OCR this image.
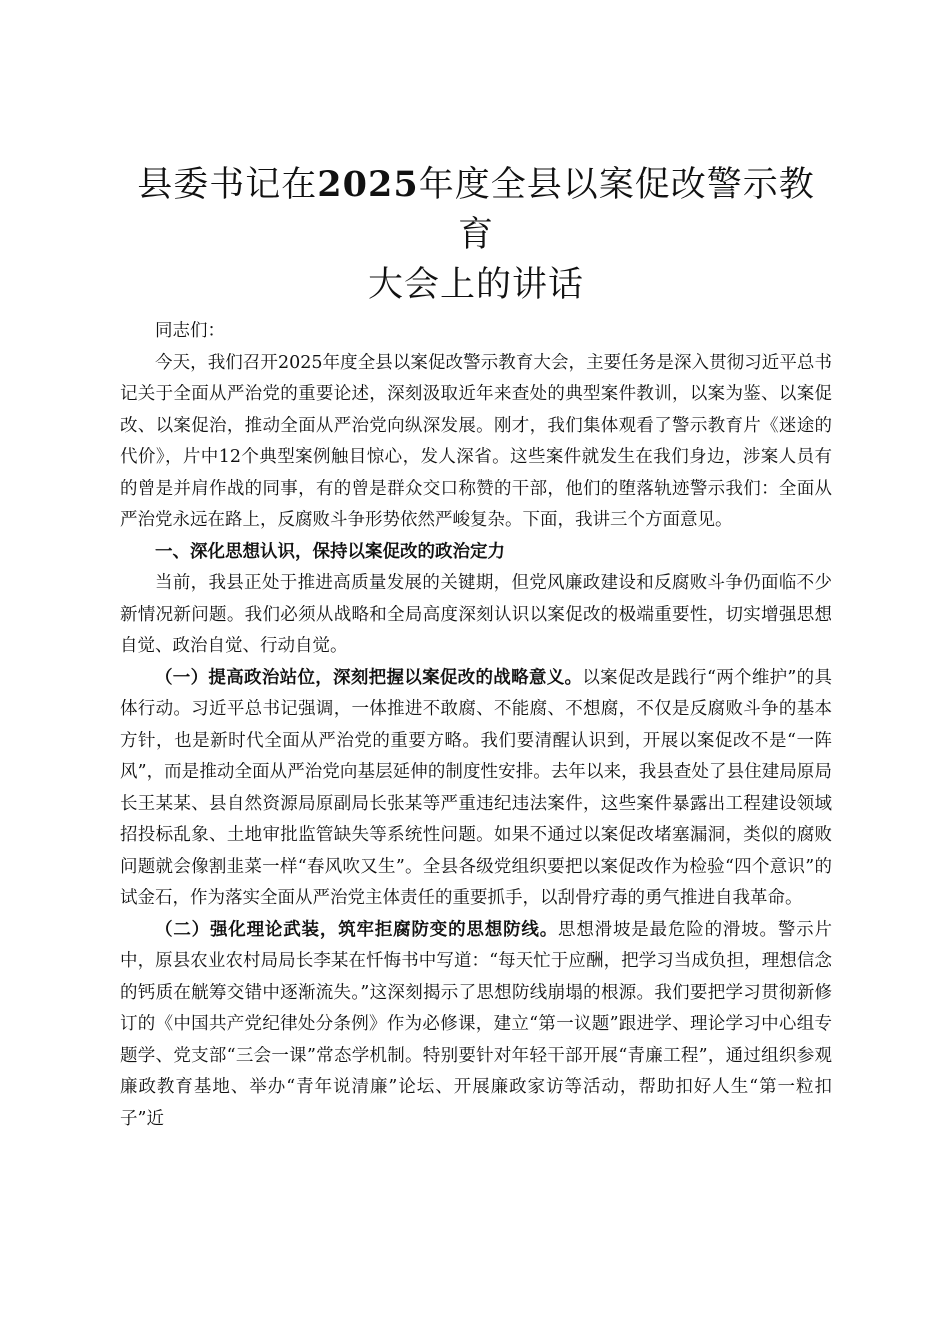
县委书记在2025年度全县以案促改警示教育
大会上的讲话

同志们：

今天，我们召开2025年度全县以案促改警示教育大会，主要任务是深入贯彻习近平总书记关于全面从严治党的重要论述，深刻汲取近年来查处的典型案件教训，以案为鉴、以案促改、以案促治，推动全面从严治党向纵深发展。刚才，我们集体观看了警示教育片《迷途的代价》，片中12个典型案例触目惊心，发人深省。这些案件就发生在我们身边，涉案人员有的曾是并肩作战的同事，有的曾是群众交口称赞的干部，他们的堕落轨迹警示我们：全面从严治党永远在路上，反腐败斗争形势依然严峻复杂。下面，我讲三个方面意见。

一、深化思想认识，保持以案促改的政治定力

当前，我县正处于推进高质量发展的关键期，但党风廉政建设和反腐败斗争仍面临不少新情况新问题。我们必须从战略和全局高度深刻认识以案促改的极端重要性，切实增强思想自觉、政治自觉、行动自觉。

（一）提高政治站位，深刻把握以案促改的战略意义。以案促改是践行“两个维护”的具体行动。习近平总书记强调，一体推进不敢腐、不能腐、不想腐，不仅是反腐败斗争的基本方针，也是新时代全面从严治党的重要方略。我们要清醒认识到，开展以案促改不是“一阵风”，而是推动全面从严治党向基层延伸的制度性安排。去年以来，我县查处了县住建局原局长王某某、县自然资源局原副局长张某等严重违纪违法案件，这些案件暴露出工程建设领域招投标乱象、土地审批监管缺失等系统性问题。如果不通过以案促改堵塞漏洞，类似的腐败问题就会像割韭菜一样“春风吹又生”。全县各级党组织要把以案促改作为检验“四个意识”的试金石，作为落实全面从严治党主体责任的重要抓手，以刮骨疗毒的勇气推进自我革命。

（二）强化理论武装，筑牢拒腐防变的思想防线。思想滑坡是最危险的滑坡。警示片中，原县农业农村局局长李某在忏悔书中写道：“每天忙于应酬，把学习当成负担，理想信念的钙质在觥筹交错中逐渐流失。”这深刻揭示了思想防线崩塌的根源。我们要把学习贯彻新修订的《中国共产党纪律处分条例》作为必修课，建立“第一议题”跟进学、理论学习中心组专题学、党支部“三会一课”常态学机制。特别要针对年轻干部开展“青廉工程”，通过组织参观廉政教育基地、举办“青年说清廉”论坛、开展廉政家访等活动，帮助扣好人生“第一粒扣子”近
